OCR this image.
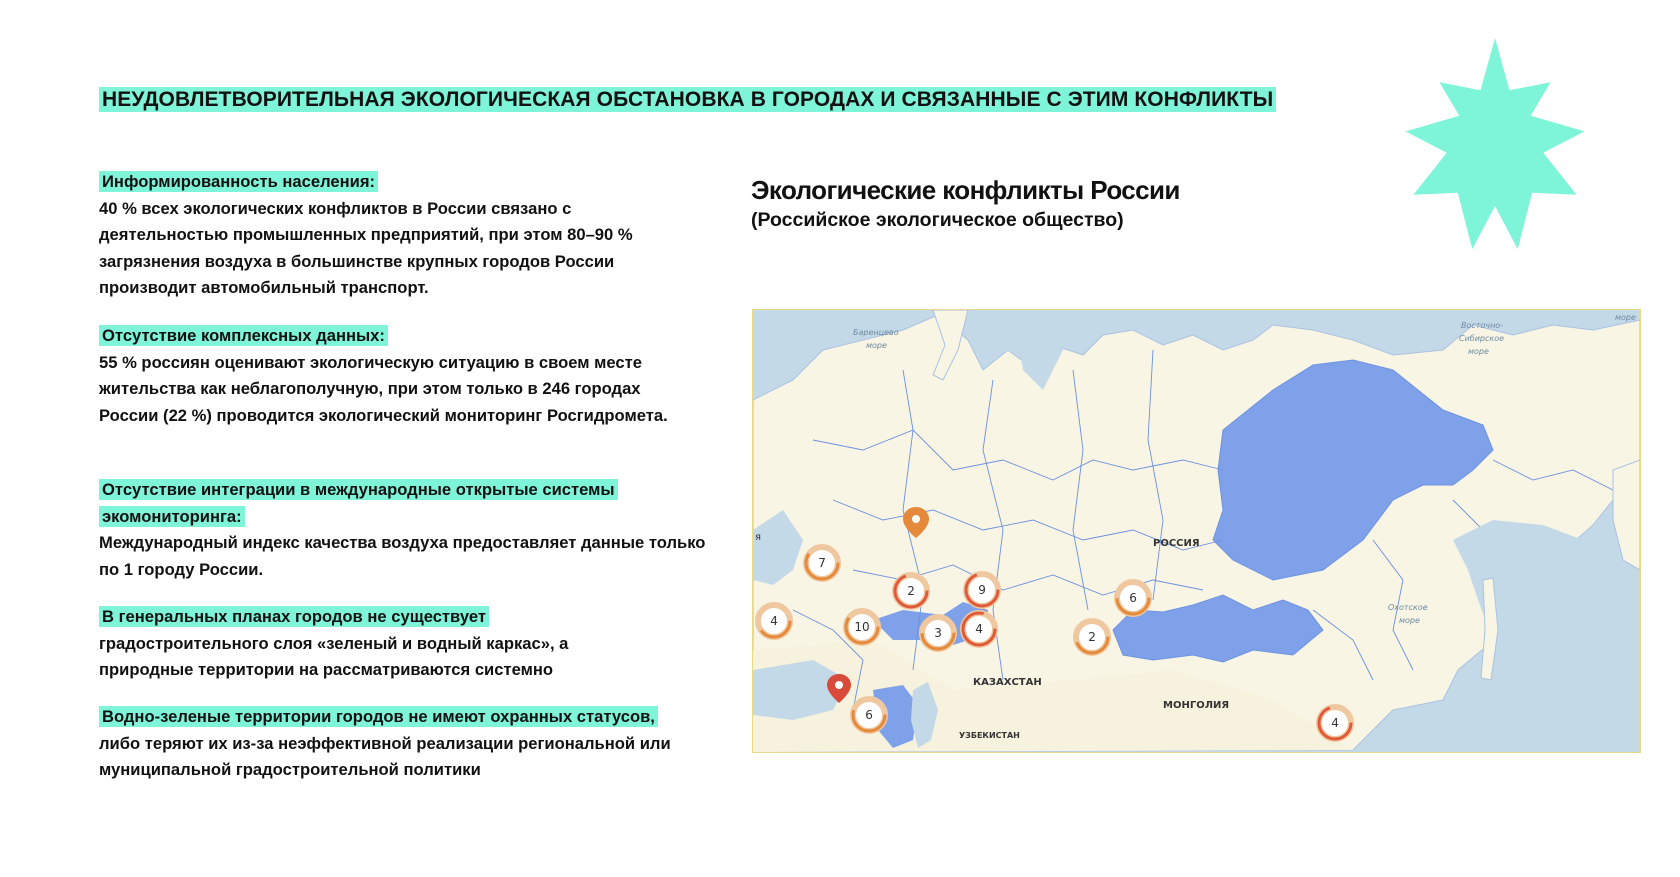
НЕУДОВЛЕТВОРИТЕЛЬНАЯ ЭКОЛОГИЧЕСКАЯ ОБСТАНОВКА В ГОРОДАХ И СВЯЗАННЫЕ С ЭТИМ КОНФЛИКТЫ
Информированность населения:
40 % всех экологических конфликтов в России связано с деятельностью промышленных предприятий, при этом 80–90 % загрязнения воздуха в большинстве крупных городов России производит автомобильный транспорт.
Отсутствие комплексных данных:
55 % россиян оценивают экологическую ситуацию в своем месте жительства как неблагополучную, при этом только в 246 городах России (22 %) проводится экологический мониторинг Росгидромета.
Отсутствие интеграции в международные открытые системы экомониторинга:
Международный индекс качества воздуха предоставляет данные только по 1 городу России.
В генеральных планах городов не существует
градостроительного слоя «зеленый и водный каркас», а природные территории на рассматриваются системно
Водно-зеленые территории городов не имеют охранных статусов,
либо теряют их из-за неэффективной реализации региональной или муниципальной градостроительной политики
Экологические конфликты России
(Российское экологическое общество)
РОССИЯ
КАЗАХСТАН
МОНГОЛИЯ
УЗБЕКИСТАН
Баренцево
море
Восточно-
Сибирское
море
Охотское
море
море
я
7
2	9
6
4	10	3	4
2
6
4
